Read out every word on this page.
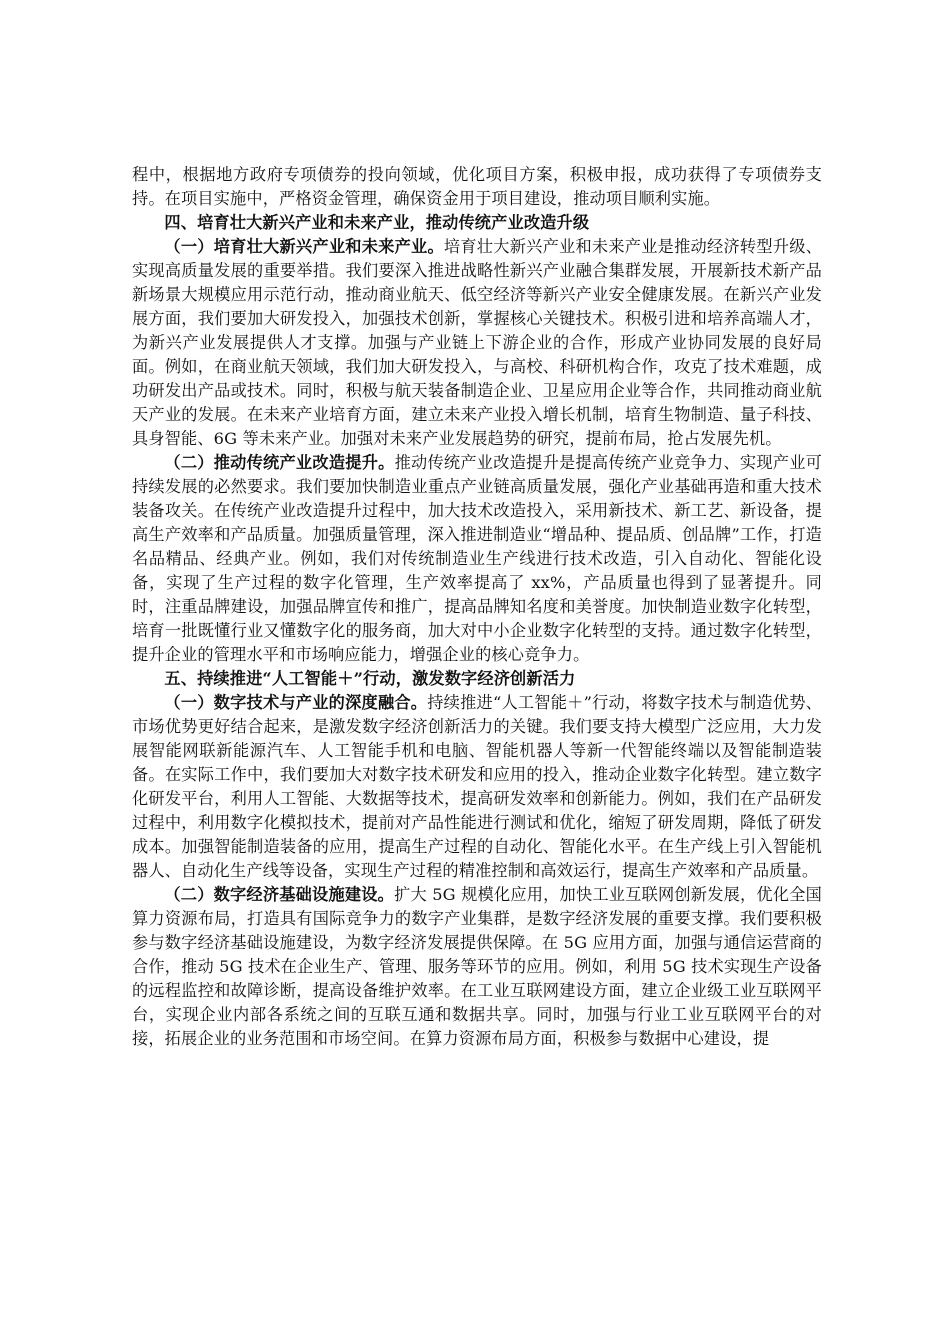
程中，根据地方政府专项债券的投向领域，优化项目方案，积极申报，成功获得了专项债券支持。在项目实施中，严格资金管理，确保资金用于项目建设，推动项目顺利实施。

四、培育壮大新兴产业和未来产业，推动传统产业改造升级

（一）培育壮大新兴产业和未来产业。培育壮大新兴产业和未来产业是推动经济转型升级、实现高质量发展的重要举措。我们要深入推进战略性新兴产业融合集群发展，开展新技术新产品新场景大规模应用示范行动，推动商业航天、低空经济等新兴产业安全健康发展。在新兴产业发展方面，我们要加大研发投入，加强技术创新，掌握核心关键技术。积极引进和培养高端人才，为新兴产业发展提供人才支撑。加强与产业链上下游企业的合作，形成产业协同发展的良好局面。例如，在商业航天领域，我们加大研发投入，与高校、科研机构合作，攻克了技术难题，成功研发出产品或技术。同时，积极与航天装备制造企业、卫星应用企业等合作，共同推动商业航天产业的发展。在未来产业培育方面，建立未来产业投入增长机制，培育生物制造、量子科技、具身智能、6G 等未来产业。加强对未来产业发展趋势的研究，提前布局，抢占发展先机。

（二）推动传统产业改造提升。推动传统产业改造提升是提高传统产业竞争力、实现产业可持续发展的必然要求。我们要加快制造业重点产业链高质量发展，强化产业基础再造和重大技术装备攻关。在传统产业改造提升过程中，加大技术改造投入，采用新技术、新工艺、新设备，提高生产效率和产品质量。加强质量管理，深入推进制造业“增品种、提品质、创品牌”工作，打造名品精品、经典产业。例如，我们对传统制造业生产线进行技术改造，引入自动化、智能化设备，实现了生产过程的数字化管理，生产效率提高了 xx%，产品质量也得到了显著提升。同时，注重品牌建设，加强品牌宣传和推广，提高品牌知名度和美誉度。加快制造业数字化转型，培育一批既懂行业又懂数字化的服务商，加大对中小企业数字化转型的支持。通过数字化转型，提升企业的管理水平和市场响应能力，增强企业的核心竞争力。

五、持续推进“人工智能＋”行动，激发数字经济创新活力

（一）数字技术与产业的深度融合。持续推进“人工智能＋”行动，将数字技术与制造优势、市场优势更好结合起来，是激发数字经济创新活力的关键。我们要支持大模型广泛应用，大力发展智能网联新能源汽车、人工智能手机和电脑、智能机器人等新一代智能终端以及智能制造装备。在实际工作中，我们要加大对数字技术研发和应用的投入，推动企业数字化转型。建立数字化研发平台，利用人工智能、大数据等技术，提高研发效率和创新能力。例如，我们在产品研发过程中，利用数字化模拟技术，提前对产品性能进行测试和优化，缩短了研发周期，降低了研发成本。加强智能制造装备的应用，提高生产过程的自动化、智能化水平。在生产线上引入智能机器人、自动化生产线等设备，实现生产过程的精准控制和高效运行，提高生产效率和产品质量。

（二）数字经济基础设施建设。扩大 5G 规模化应用，加快工业互联网创新发展，优化全国算力资源布局，打造具有国际竞争力的数字产业集群，是数字经济发展的重要支撑。我们要积极参与数字经济基础设施建设，为数字经济发展提供保障。在 5G 应用方面，加强与通信运营商的合作，推动 5G 技术在企业生产、管理、服务等环节的应用。例如，利用 5G 技术实现生产设备的远程监控和故障诊断，提高设备维护效率。在工业互联网建设方面，建立企业级工业互联网平台，实现企业内部各系统之间的互联互通和数据共享。同时，加强与行业工业互联网平台的对接，拓展企业的业务范围和市场空间。在算力资源布局方面，积极参与数据中心建设，提
